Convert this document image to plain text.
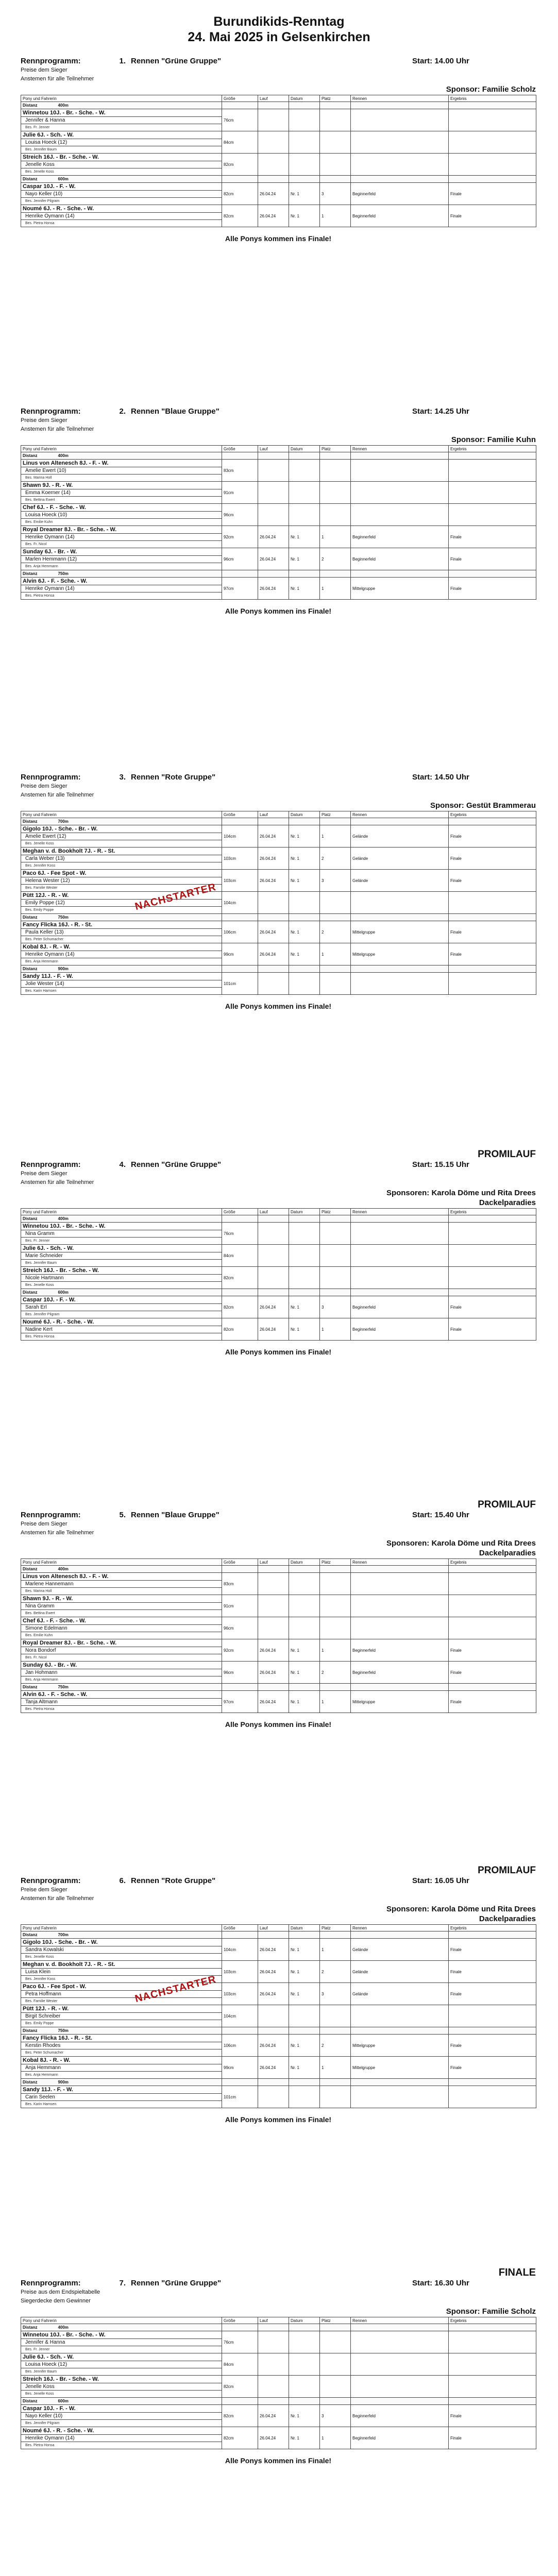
Burundikids-Renntag
24. Mai 2025 in Gelsenkirchen
Rennprogramm:	1. Rennen "Grüne Gruppe"	Start: 14.00 Uhr
Preise dem Sieger
Anstemen für alle Teilnehmer
Sponsor: Familie Scholz
Pony und Fahrerin	Größe	Lauf	Datum	Platz	Rennen	Ergebnis
Distanz 400m						
Winnetou 10J. - Br. - Sche. - W.	76cm					
Jennifer & Hanna						
Bes. Fr. Jenner						
Julie 6J. - Sch. - W.	84cm					
Louisa Hoeck (12)						
Bes. Jennifer Baum						
Streich 16J. - Br. - Sche. - W.	82cm					
Jenelle Koss						
Bes. Jenelle Koss						
Distanz 600m						
Caspar 10J. - F. - W.	82cm	26.04.24	Nr. 1	3	Beginnerfeld	Finale
Nayo Keller (10)						
Bes. Jennifer Pilgram						
Noumé 6J. - R. - Sche. - W.	82cm	26.04.24	Nr. 1	1	Beginnerfeld	Finale
Henrike Oymann (14)						
Bes. Pietra Honsa						
Alle Ponys kommen ins Finale!
Rennprogramm:	2. Rennen "Blaue Gruppe"	Start: 14.25 Uhr
Preise dem Sieger
Anstemen für alle Teilnehmer
Sponsor: Familie Kuhn
Pony und Fahrerin	Größe	Lauf	Datum	Platz	Rennen	Ergebnis
Distanz 400m						
Linus von Altenesch 8J. - F. - W.	83cm					
Amelie Ewert (10)						
Bes. Marina Holl						
Shawn 9J. - R. - W.	91cm					
Emma Koerner (14)						
Bes. Bettina Ewert						
Chef 6J. - F. - Sche. - W.	96cm					
Louisa Hoeck (10)						
Bes. Emilie Kuhn						
Royal Dreamer 8J. - Br. - Sche. - W.	92cm	26.04.24	Nr. 1	1	Beginnerfeld	Finale
Henrike Oymann (14)						
Bes. Fr. Nicol						
Sunday 6J. - Br. - W.	96cm	26.04.24	Nr. 1	2	Beginnerfeld	Finale
Marlen Hemmann (12)						
Bes. Anja Hemmann						
Distanz 750m						
Alvin 6J. - F. - Sche. - W.	97cm	26.04.24	Nr. 1	1	Mittelgruppe	Finale
Henrike Oymann (14)						
Bes. Pietra Honsa						
Alle Ponys kommen ins Finale!
Rennprogramm:	3. Rennen "Rote Gruppe"	Start: 14.50 Uhr
Preise dem Sieger
Anstemen für alle Teilnehmer
Sponsor: Gestüt Brammerau
Pony und Fahrerin	Größe	Lauf	Datum	Platz	Rennen	Ergebnis
Distanz 700m						
Gigolo 10J. - Sche. - Br. - W.	104cm	26.04.24	Nr. 1	1	Gelände	Finale
Amelie Ewert (12)						
Bes. Jenelle Koss						
Meghan v. d. Bookholt 7J. - R. - St.	103cm	26.04.24	Nr. 1	2	Gelände	Finale
Carla Weber (13)						
Bes. Jennifer Koss						
Paco 6J. - Fee Spot - W.	103cm	26.04.24	Nr. 1	3	Gelände	Finale
Helena Wester (12)						
Bes. Familie Wester						
Pütt 12J. - R. - W.	104cm					
Emily Poppe (12)						
Bes. Emily Poppe						
Distanz 750m						
Fancy Flicka 16J. - R. - St.	106cm	26.04.24	Nr. 1	2	Mittelgruppe	Finale
Paula Keller (13)						
Bes. Peter Schumacher						
Kobal 8J. - R. - W.	99cm	26.04.24	Nr. 1	1	Mittelgruppe	Finale
Henrike Oymann (14)						
Bes. Anja Hemmann						
Distanz 900m						
Sandy 11J. - F. - W.	101cm					
Jolie Wester (14)						
Bes. Karin Hamsen						
Alle Ponys kommen ins Finale!
NACHSTARTER
PROMILAUF
Rennprogramm:	4. Rennen "Grüne Gruppe"	Start: 15.15 Uhr
Preise dem Sieger
Anstemen für alle Teilnehmer
Sponsoren: Karola Döme und Rita Drees
Dackelparadies
Pony und Fahrerin	Größe	Lauf	Datum	Platz	Rennen	Ergebnis
Distanz 400m						
Winnetou 10J. - Br. - Sche. - W.	76cm					
Nina Gramm						
Bes. Fr. Jenner						
Julie 6J. - Sch. - W.	84cm					
Marie Schneider						
Bes. Jennifer Baum						
Streich 16J. - Br. - Sche. - W.	82cm					
Nicole Hartmann						
Bes. Jenelle Koss						
Distanz 600m						
Caspar 10J. - F. - W.	82cm	26.04.24	Nr. 1	3	Beginnerfeld	Finale
Sarah Erl						
Bes. Jennifer Pilgram						
Noumé 6J. - R. - Sche. - W.	82cm	26.04.24	Nr. 1	1	Beginnerfeld	Finale
Nadine Kert						
Bes. Pietra Honsa						
Alle Ponys kommen ins Finale!
PROMILAUF
Rennprogramm:	5. Rennen "Blaue Gruppe"	Start: 15.40 Uhr
Preise dem Sieger
Anstemen für alle Teilnehmer
Sponsoren: Karola Döme und Rita Drees
Dackelparadies
Pony und Fahrerin	Größe	Lauf	Datum	Platz	Rennen	Ergebnis
Distanz 400m						
Linus von Altenesch 8J. - F. - W.	83cm					
Marlene Hannemann						
Bes. Marina Holl						
Shawn 9J. - R. - W.	91cm					
Nina Gramm						
Bes. Bettina Ewert						
Chef 6J. - F. - Sche. - W.	96cm					
Simone Edelmann						
Bes. Emilie Kuhn						
Royal Dreamer 8J. - Br. - Sche. - W.	92cm	26.04.24	Nr. 1	1	Beginnerfeld	Finale
Nora Bondorf						
Bes. Fr. Nicol						
Sunday 6J. - Br. - W.	96cm	26.04.24	Nr. 1	2	Beginnerfeld	Finale
Jan Hohmann						
Bes. Anja Hemmann						
Distanz 750m						
Alvin 6J. - F. - Sche. - W.	97cm	26.04.24	Nr. 1	1	Mittelgruppe	Finale
Tanja Altmann						
Bes. Pietra Honsa						
Alle Ponys kommen ins Finale!
PROMILAUF
Rennprogramm:	6. Rennen "Rote Gruppe"	Start: 16.05 Uhr
Preise dem Sieger
Anstemen für alle Teilnehmer
Sponsoren: Karola Döme und Rita Drees
Dackelparadies
Pony und Fahrerin	Größe	Lauf	Datum	Platz	Rennen	Ergebnis
Distanz 700m						
Gigolo 10J. - Sche. - Br. - W.	104cm	26.04.24	Nr. 1	1	Gelände	Finale
Sandra Kowalski						
Bes. Jenelle Koss						
Meghan v. d. Bookholt 7J. - R. - St.	103cm	26.04.24	Nr. 1	2	Gelände	Finale
Luisa Klein						
Bes. Jennifer Koss						
Paco 6J. - Fee Spot - W.	103cm	26.04.24	Nr. 1	3	Gelände	Finale
Petra Hoffmann						
Bes. Familie Wester						
Pütt 12J. - R. - W.	104cm					
Birgit Schreiber						
Bes. Emily Poppe						
Distanz 750m						
Fancy Flicka 16J. - R. - St.	106cm	26.04.24	Nr. 1	2	Mittelgruppe	Finale
Kerstin Rhodes						
Bes. Peter Schumacher						
Kobal 8J. - R. - W.	99cm	26.04.24	Nr. 1	1	Mittelgruppe	Finale
Anja Hemmann						
Bes. Anja Hemmann						
Distanz 900m						
Sandy 11J. - F. - W.	101cm					
Carin Seelen						
Bes. Karin Hamsen						
Alle Ponys kommen ins Finale!
NACHSTARTER
FINALE
Rennprogramm:	7. Rennen "Grüne Gruppe"	Start: 16.30 Uhr
Preise aus dem Endspieltabelle
Siegerdecke dem Gewinner
Sponsor: Familie Scholz
Pony und Fahrerin	Größe	Lauf	Datum	Platz	Rennen	Ergebnis
Distanz 400m						
Winnetou 10J. - Br. - Sche. - W.	76cm					
Jennifer & Hanna						
Bes. Fr. Jenner						
Julie 6J. - Sch. - W.	84cm					
Louisa Hoeck (12)						
Bes. Jennifer Baum						
Streich 16J. - Br. - Sche. - W.	82cm					
Jenelle Koss						
Bes. Jenelle Koss						
Distanz 600m						
Caspar 10J. - F. - W.	82cm	26.04.24	Nr. 1	3	Beginnerfeld	Finale
Nayo Keller (10)						
Bes. Jennifer Pilgram						
Noumé 6J. - R. - Sche. - W.	82cm	26.04.24	Nr. 1	1	Beginnerfeld	Finale
Henrike Oymann (14)						
Bes. Pietra Honsa						
Alle Ponys kommen ins Finale!
